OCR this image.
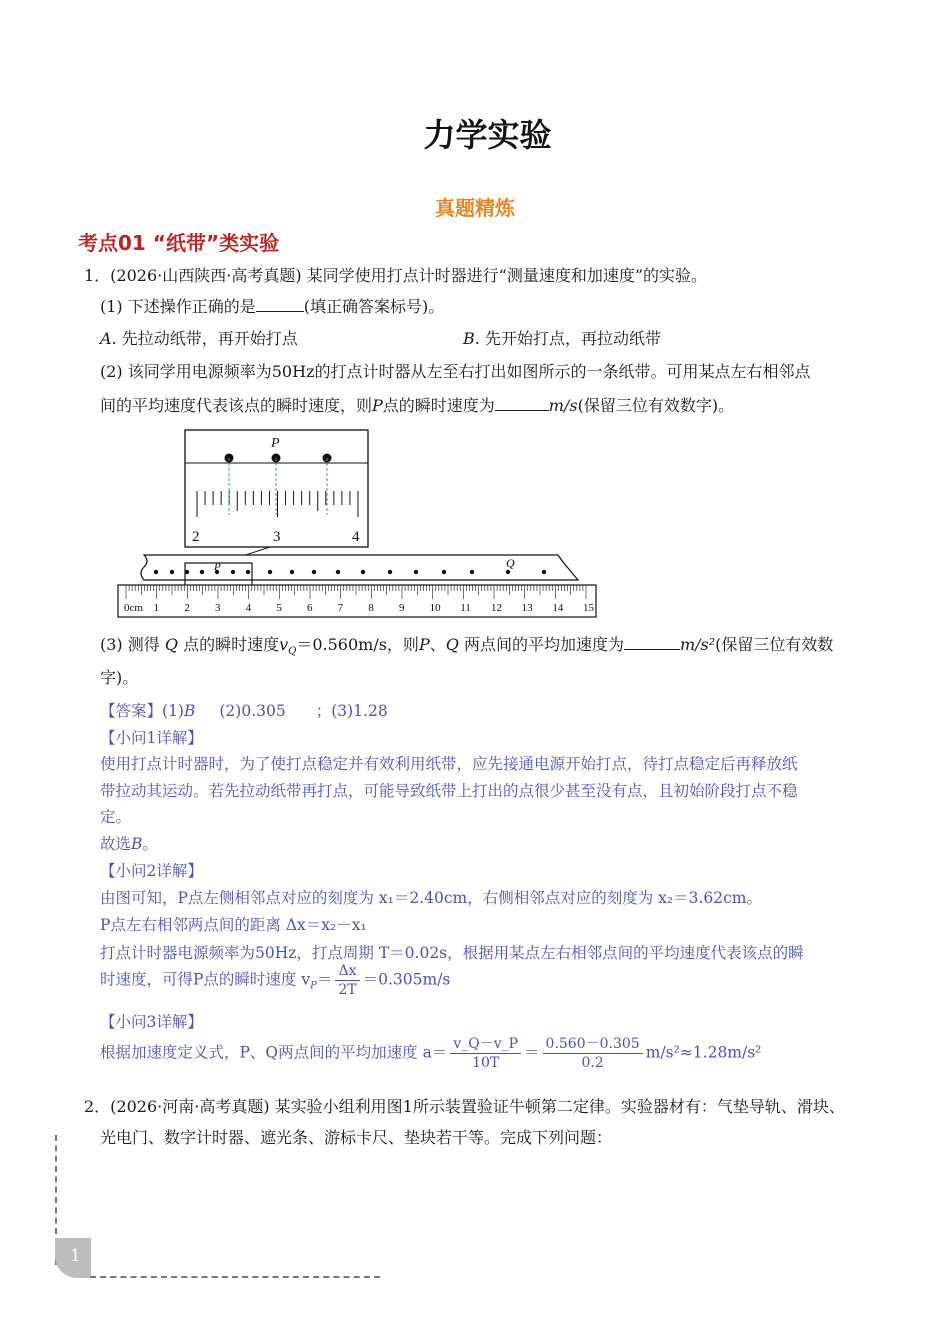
力学实验
真题精炼
考点01 “纸带”类实验
1．(2026·山西陕西·高考真题) 某同学使用打点计时器进行“测量速度和加速度”的实验。
(1) 下述操作正确的是	(填正确答案标号)。
A. 先拉动纸带，再开始打点	B. 先开始打点，再拉动纸带
(2) 该同学用电源频率为50Hz的打点计时器从左至右打出如图所示的一条纸带。可用某点左右相邻点
间的平均速度代表该点的瞬时速度，则P点的瞬时速度为	m/s(保留三位有效数字)。
P
2	3	4
P	Q
0cm 1 2 3 4 5 6 7 8 9 10 11 12 13 14 15
(3) 测得 Q 点的瞬时速度$v_Q=0.560m/s$，则P、Q 两点间的平均加速度为	m/s²(保留三位有效数
字)。
【答案】(1)B (2)0.305 ；(3)1.28
【小问1详解】
使用打点计时器时，为了使打点稳定并有效利用纸带，应先接通电源开始打点，待打点稳定后再释放纸
带拉动其运动。若先拉动纸带再打点，可能导致纸带上打出的点很少甚至没有点，且初始阶段打点不稳
定。
故选B。
【小问2详解】
由图可知，P点左侧相邻点对应的刻度为 x₁＝2.40cm，右侧相邻点对应的刻度为 x₂＝3.62cm。
P点左右相邻两点间的距离 Δx＝x₂－x₁
打点计时器电源频率为50Hz，打点周期 T＝0.02s，根据用某点左右相邻点间的平均速度代表该点的瞬
时速度，可得P点的瞬时速度 $v_P= \frac{\Delta x}{2T} =0.305m/s$
【小问3详解】
根据加速度定义式，P、Q两点间的平均加速度 $a= \frac{v\_Q-v\_P}{10T} = \frac{0.560-0.305}{0.2} m/s^2\approx 1.28m/s^2$
2．(2026·河南·高考真题) 某实验小组利用图1所示装置验证牛顿第二定律。实验器材有：气垫导轨、滑块、
光电门、数字计时器、遮光条、游标卡尺、垫块若干等。完成下列问题：
1
